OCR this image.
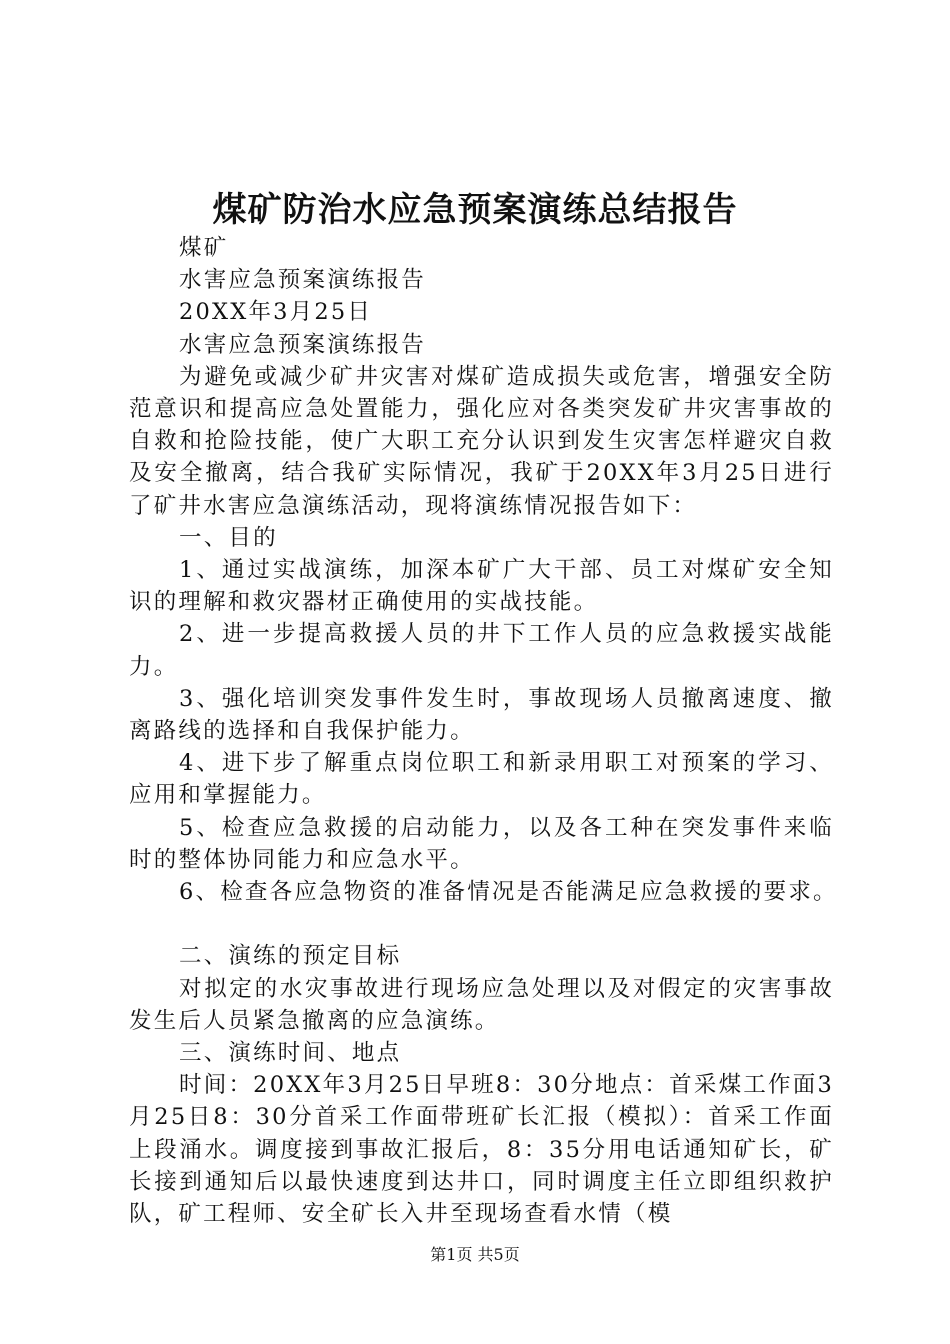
煤矿防治水应急预案演练总结报告

煤矿

水害应急预案演练报告

20XX年3月25日

水害应急预案演练报告

为避免或减少矿井灾害对煤矿造成损失或危害，增强安全防范意识和提高应急处置能力，强化应对各类突发矿井灾害事故的自救和抢险技能，使广大职工充分认识到发生灾害怎样避灾自救及安全撤离，结合我矿实际情况，我矿于20XX年3月25日进行了矿井水害应急演练活动，现将演练情况报告如下：

一、目的

1、通过实战演练，加深本矿广大干部、员工对煤矿安全知识的理解和救灾器材正确使用的实战技能。

2、进一步提高救援人员的井下工作人员的应急救援实战能力。

3、强化培训突发事件发生时，事故现场人员撤离速度、撤离路线的选择和自我保护能力。

4、进下步了解重点岗位职工和新录用职工对预案的学习、应用和掌握能力。

5、检查应急救援的启动能力，以及各工种在突发事件来临时的整体协同能力和应急水平。

6、检查各应急物资的准备情况是否能满足应急救援的要求。

二、演练的预定目标

对拟定的水灾事故进行现场应急处理以及对假定的灾害事故发生后人员紧急撤离的应急演练。

三、演练时间、地点

时间：20XX年3月25日早班8：30分地点：首采煤工作面3月25日8：30分首采工作面带班矿长汇报（模拟）：首采工作面上段涌水。调度接到事故汇报后，8：35分用电话通知矿长，矿长接到通知后以最快速度到达井口，同时调度主任立即组织救护队，矿工程师、安全矿长入井至现场查看水情（模

第1页 共5页
